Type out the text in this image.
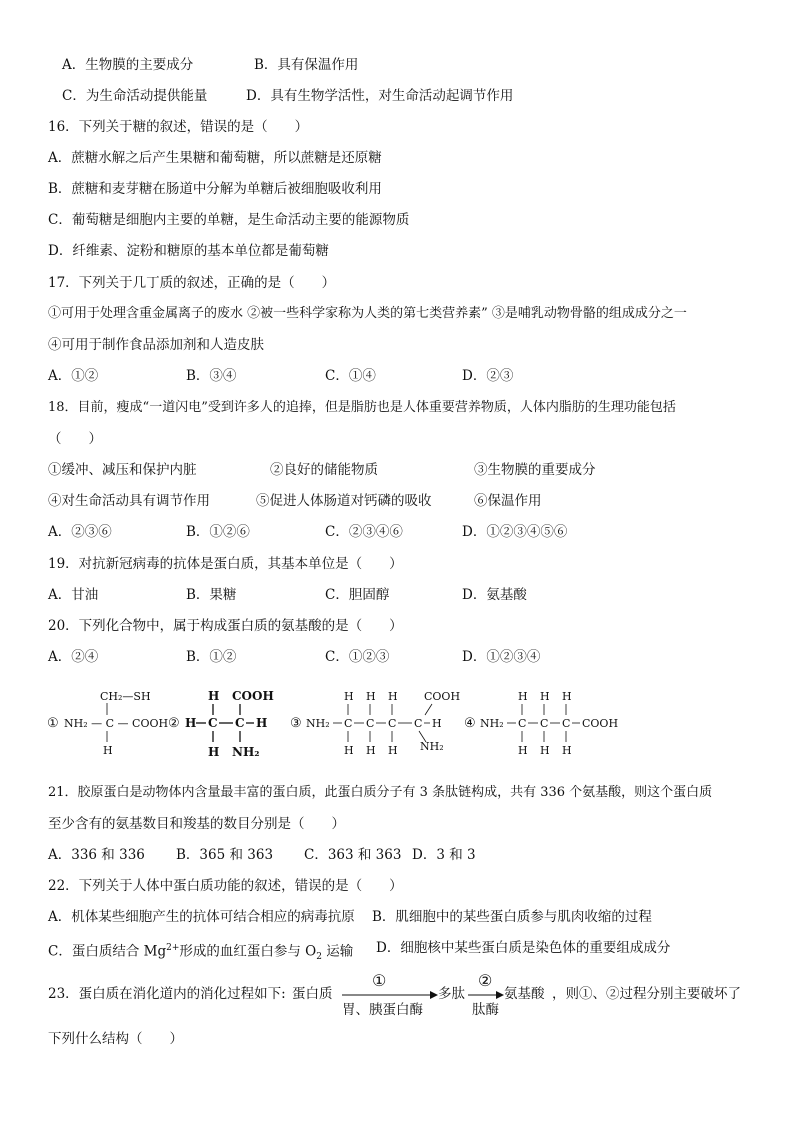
A．生物膜的主要成分	B．具有保温作用
C．为生命活动提供能量	D．具有生物学活性，对生命活动起调节作用
16．下列关于糖的叙述，错误的是（　　）
A．蔗糖水解之后产生果糖和葡萄糖，所以蔗糖是还原糖
B．蔗糖和麦芽糖在肠道中分解为单糖后被细胞吸收利用
C．葡萄糖是细胞内主要的单糖，是生命活动主要的能源物质
D．纤维素、淀粉和糖原的基本单位都是葡萄糖
17．下列关于几丁质的叙述，正确的是（　　）
①可用于处理含重金属离子的废水 ②被一些科学家称为人类的第七类营养素” ③是哺乳动物骨骼的组成成分之一
④可用于制作食品添加剂和人造皮肤
A．①②	B．③④	C．①④	D．②③
18．目前，瘦成“一道闪电”受到许多人的追捧，但是脂肪也是人体重要营养物质，人体内脂肪的生理功能包括
（　　）
①缓冲、减压和保护内脏	②良好的储能物质	③生物膜的重要成分
④对生命活动具有调节作用	⑤促进人体肠道对钙磷的吸收	⑥保温作用
A．②③⑥	B．①②⑥	C．②③④⑥	D．①②③④⑤⑥
19．对抗新冠病毒的抗体是蛋白质，其基本单位是（　　）
A．甘油	B．果糖	C．胆固醇	D．氨基酸
20．下列化合物中，属于构成蛋白质的氨基酸的是（　　）
A．②④	B．①②	C．①②③	D．①②③④
①
CH₂—SH
NH₂ — C — COOH
H
②
H COOH
H C C H
H NH₂
③ NH₂
H H H COOH
C C C C H
H H H NH₂
④ NH₂
H H H
C C C COOH
H H H
21．胶原蛋白是动物体内含量最丰富的蛋白质，此蛋白质分子有 3 条肽链构成，共有 336 个氨基酸，则这个蛋白质
至少含有的氨基数目和羧基的数目分别是（　　）
A．336 和 336 B．365 和 363 C．363 和 363 D．3 和 3
22．下列关于人体中蛋白质功能的叙述，错误的是（　　）
A．机体某些细胞产生的抗体可结合相应的病毒抗原 B．肌细胞中的某些蛋白质参与肌肉收缩的过程
C．蛋白质结合 $Mg^{2+}$形成的血红蛋白参与 $O_2$ 运输 D．细胞核中某些蛋白质是染色体的重要组成成分
23．蛋白质在消化道内的消化过程如下: 蛋白质
①
胃、胰蛋白酶
多肽
②
肽酶
氨基酸 ，则①、②过程分别主要破坏了
下列什么结构（　　）
